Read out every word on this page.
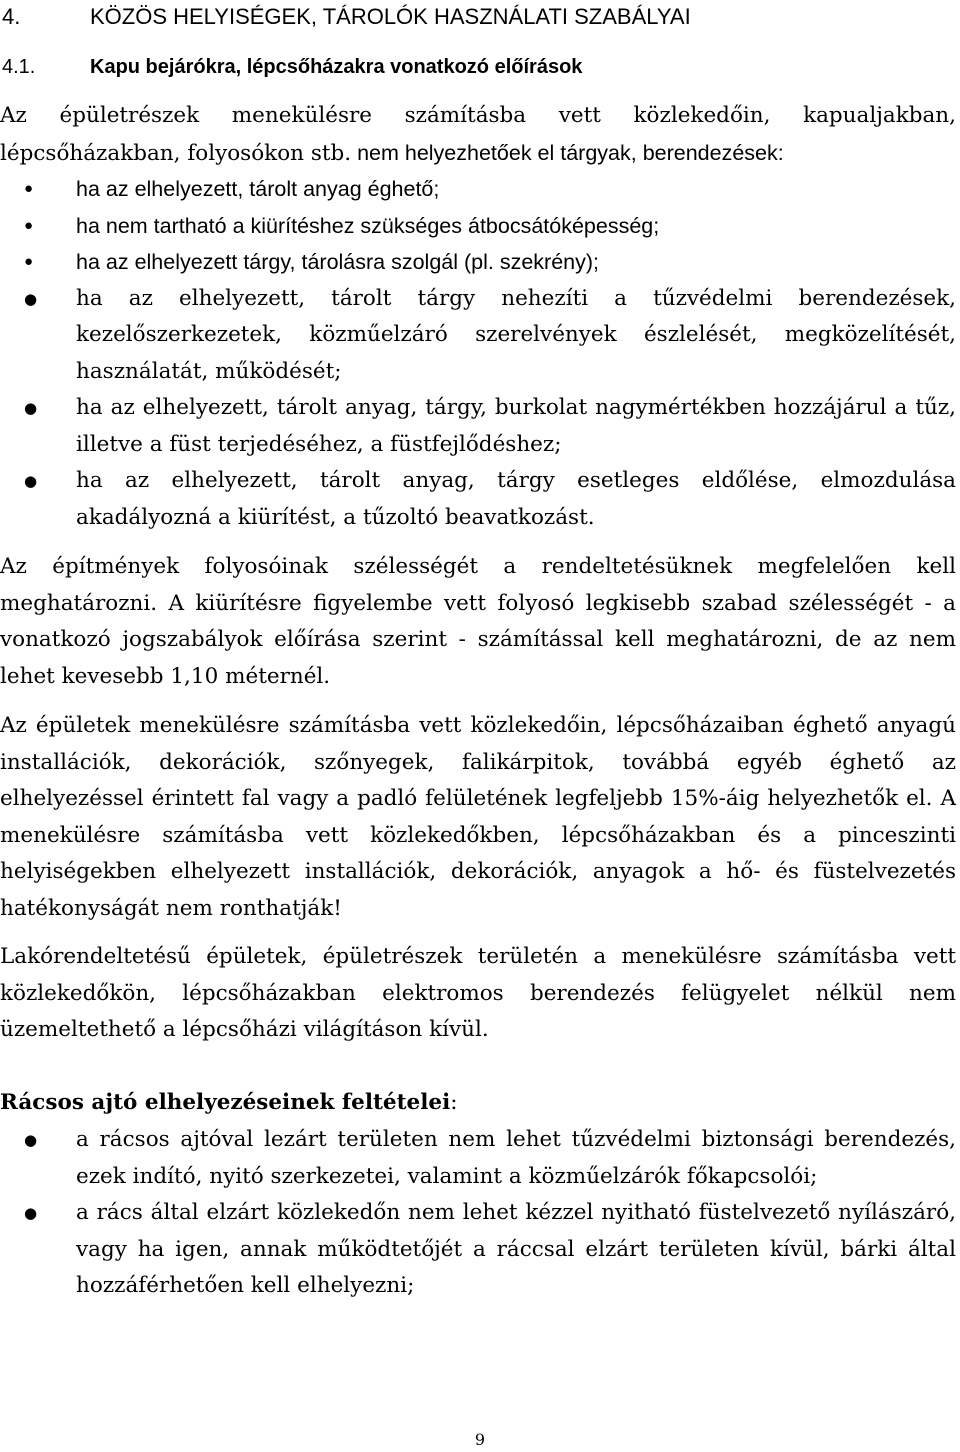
4.	KÖZÖS HELYISÉGEK, TÁROLÓK HASZNÁLATI SZABÁLYAI
4.1.	Kapu bejárókra, lépcsőházakra vonatkozó előírások
Az épületrészek menekülésre számításba vett közlekedőin, kapualjakban, lépcsőházakban, folyosókon stb. nem helyezhetőek el tárgyak, berendezések:
● ha az elhelyezett, tárolt anyag éghető;
● ha nem tartható a kiürítéshez szükséges átbocsátóképesség;
● ha az elhelyezett tárgy, tárolásra szolgál (pl. szekrény);
● ha az elhelyezett, tárolt tárgy nehezíti a tűzvédelmi berendezések, kezelőszerkezetek, közműelzáró szerelvények észlelését, megközelítését, használatát, működését;
● ha az elhelyezett, tárolt anyag, tárgy, burkolat nagymértékben hozzájárul a tűz, illetve a füst terjedéséhez, a füstfejlődéshez;
● ha az elhelyezett, tárolt anyag, tárgy esetleges eldőlése, elmozdulása akadályozná a kiürítést, a tűzoltó beavatkozást.
Az építmények folyosóinak szélességét a rendeltetésüknek megfelelően kell meghatározni. A kiürítésre figyelembe vett folyosó legkisebb szabad szélességét - a vonatkozó jogszabályok előírása szerint - számítással kell meghatározni, de az nem lehet kevesebb 1,10 méternél.
Az épületek menekülésre számításba vett közlekedőin, lépcsőházaiban éghető anyagú installációk, dekorációk, szőnyegek, falikárpitok, továbbá egyéb éghető az elhelyezéssel érintett fal vagy a padló felületének legfeljebb 15%-áig helyezhetők el. A menekülésre számításba vett közlekedőkben, lépcsőházakban és a pinceszinti helyiségekben elhelyezett installációk, dekorációk, anyagok a hő- és füstelvezetés hatékonyságát nem ronthatják!
Lakórendeltetésű épületek, épületrészek területén a menekülésre számításba vett közlekedőkön, lépcsőházakban elektromos berendezés felügyelet nélkül nem üzemeltethető a lépcsőházi világításon kívül.
Rácsos ajtó elhelyezéseinek feltételei:
● a rácsos ajtóval lezárt területen nem lehet tűzvédelmi biztonsági berendezés, ezek indító, nyitó szerkezetei, valamint a közműelzárók főkapcsolói;
● a rács által elzárt közlekedőn nem lehet kézzel nyitható füstelvezető nyílászáró, vagy ha igen, annak működtetőjét a ráccsal elzárt területen kívül, bárki által hozzáférhetően kell elhelyezni;
9
